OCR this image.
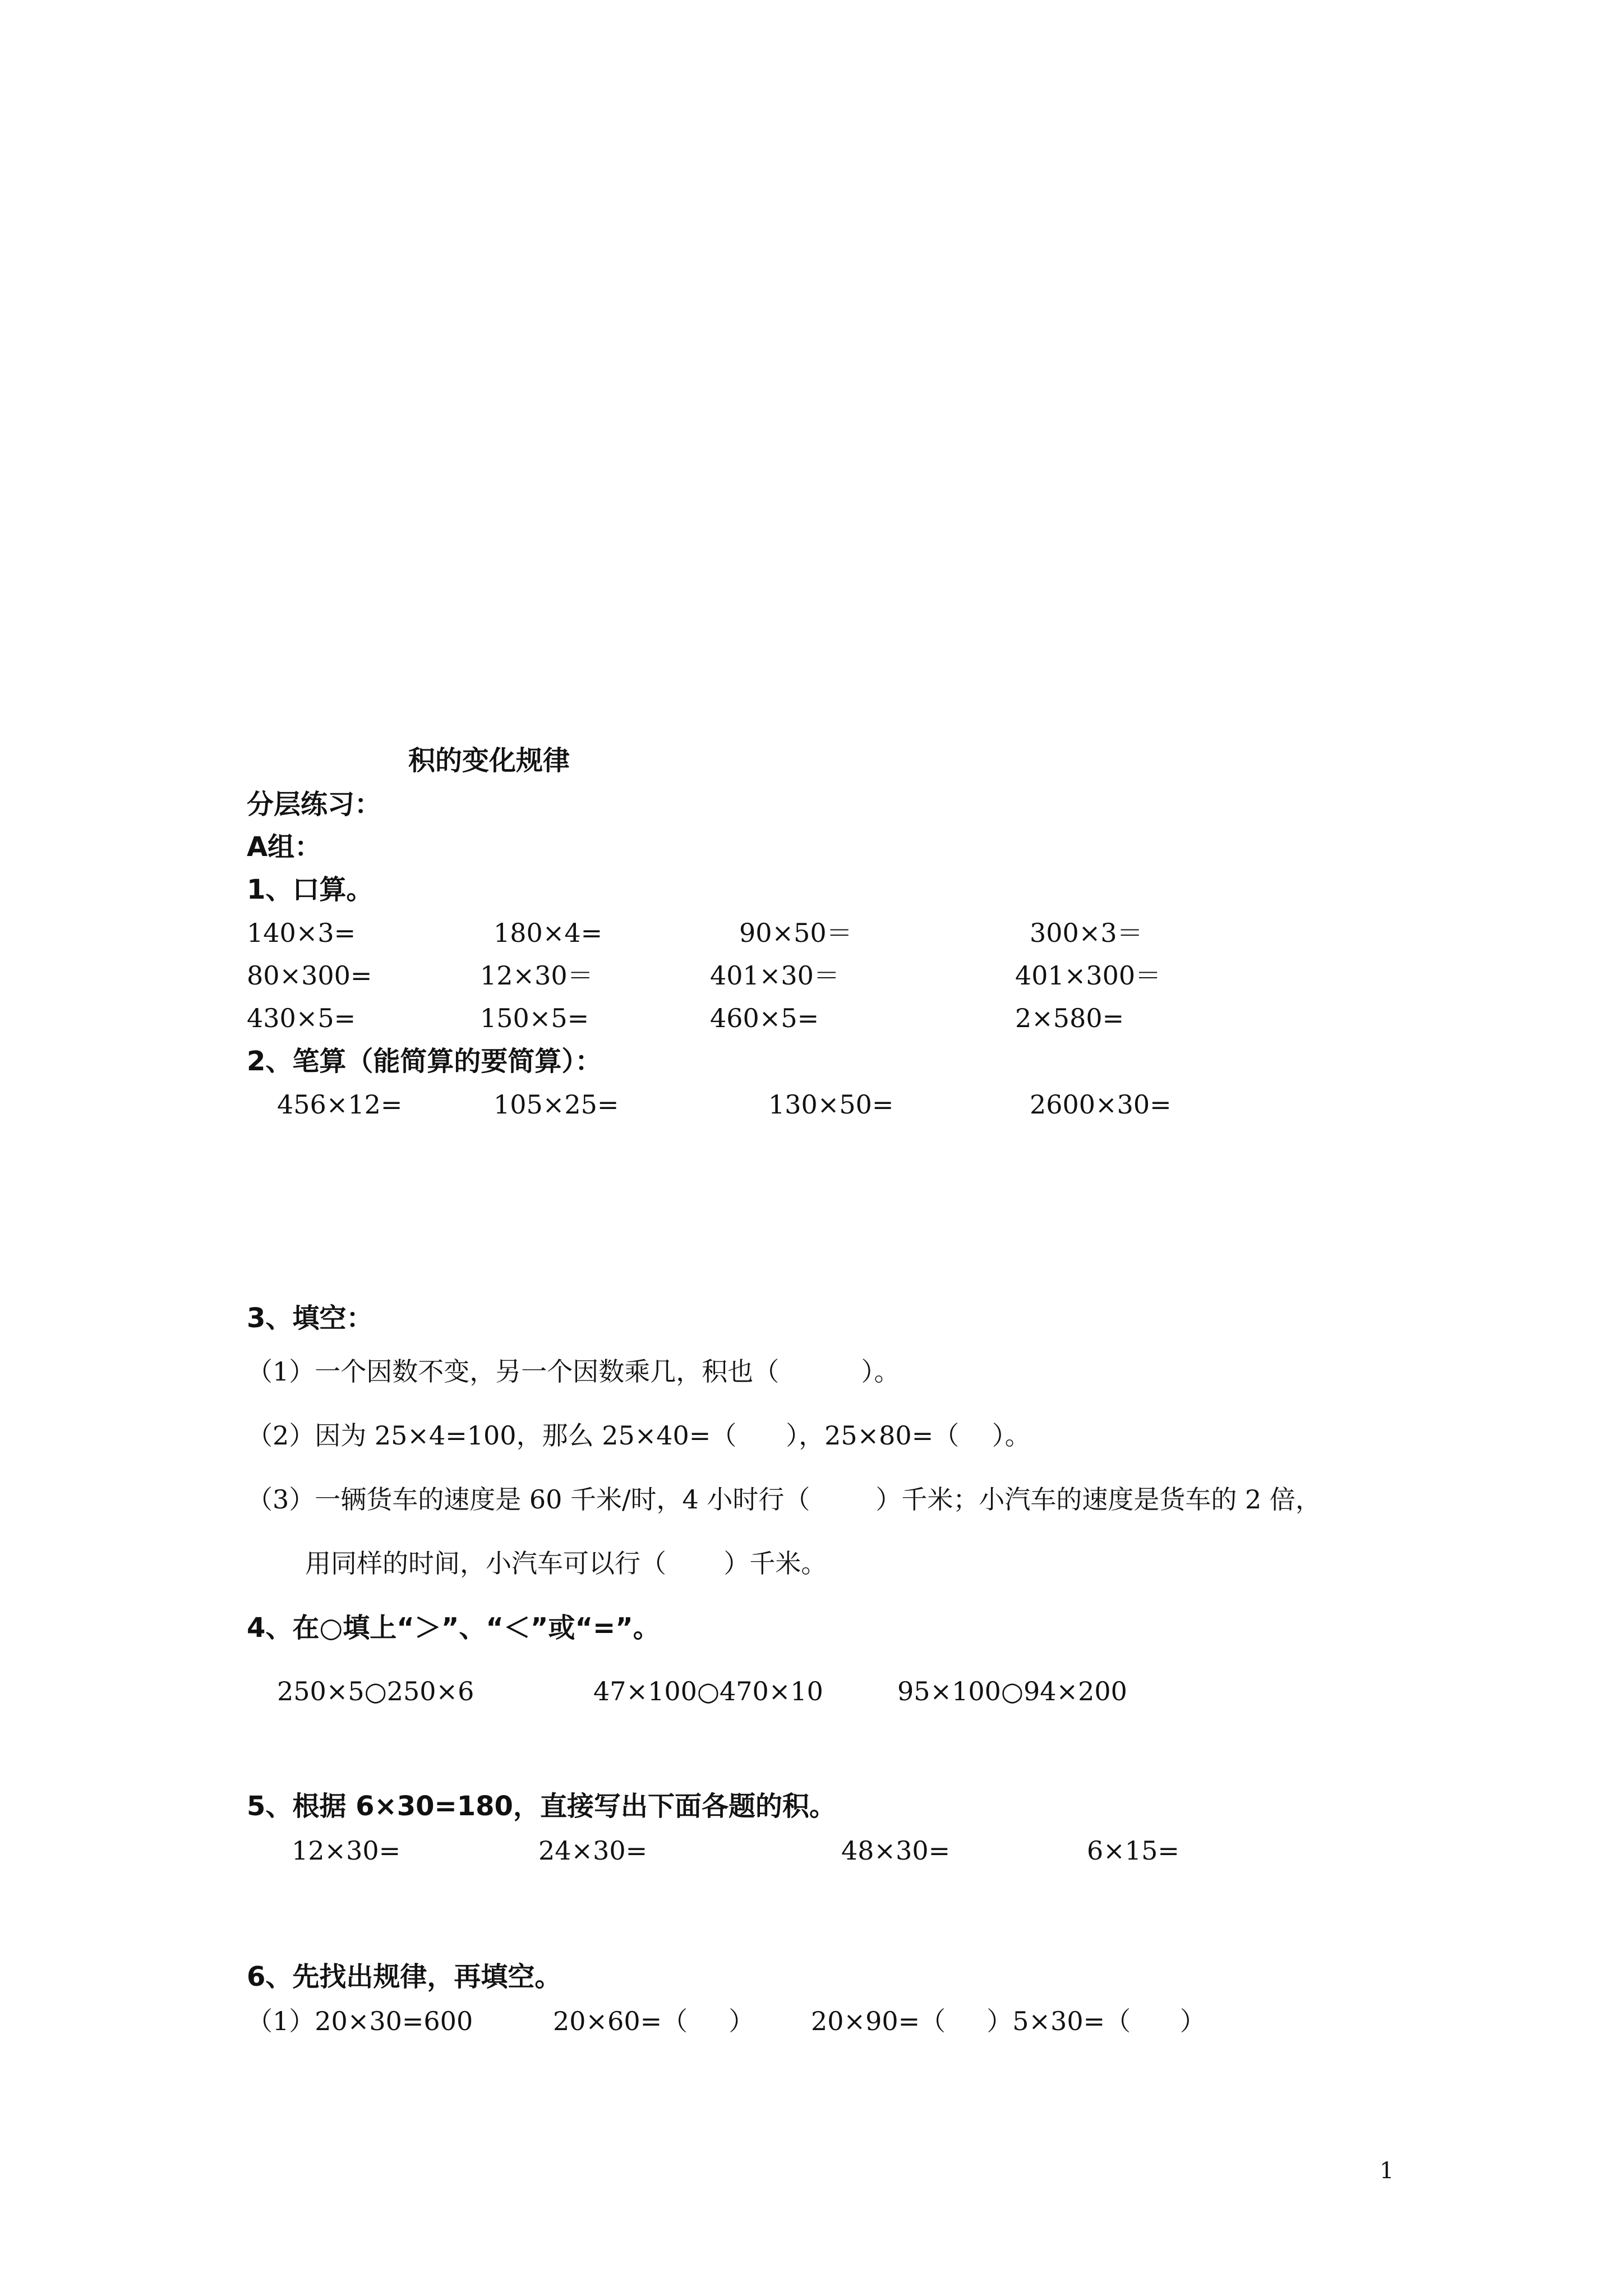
积的变化规律
分层练习：
A组：
1、口算。
140×3=	180×4=	90×50＝	300×3＝
80×300=	12×30＝	401×30＝	401×300＝
430×5=	150×5=	460×5=	2×580=
2、笔算（能简算的要简算）：
456×12=	105×25=	130×50=	2600×30=
3、填空：
（1）一个因数不变，另一个因数乘几，积也（          ）。
（2）因为 25×4=100，那么 25×40=（      ），25×80=（    ）。
（3）一辆货车的速度是 60 千米/时，4 小时行（        ）千米；小汽车的速度是货车的 2 倍，
用同样的时间，小汽车可以行（       ）千米。
4、在○填上“＞”、“＜”或“=”。
250×5○250×6	47×100○470×10	95×100○94×200
5、根据 6×30=180，直接写出下面各题的积。
12×30=	24×30=	48×30=	6×15=
6、先找出规律，再填空。
（1）20×30=600	20×60=（     ） 20×90=（     ）5×30=（      ）
1
